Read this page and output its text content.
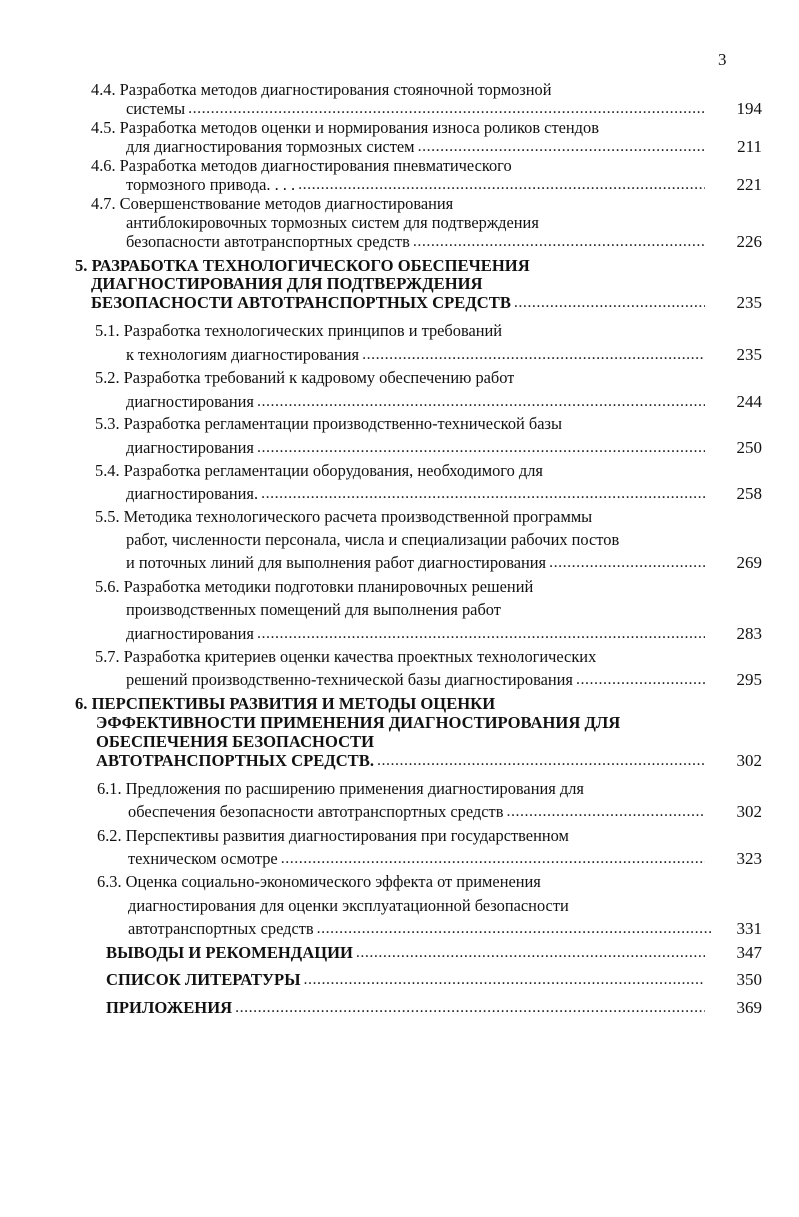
3
4.4. Разработка методов диагностирования стояночной тормозной
системы .....	194
4.5. Разработка методов оценки и нормирования износа роликов стендов
для диагностирования тормозных систем .....	211
4.6. Разработка методов диагностирования пневматического
тормозного привода. . . . .....	221
4.7. Совершенствование методов диагностирования
антиблокировочных тормозных систем для подтверждения
безопасности автотранспортных средств .....	226
5. РАЗРАБОТКА ТЕХНОЛОГИЧЕСКОГО ОБЕСПЕЧЕНИЯ
ДИАГНОСТИРОВАНИЯ ДЛЯ ПОДТВЕРЖДЕНИЯ
БЕЗОПАСНОСТИ АВТОТРАНСПОРТНЫХ СРЕДСТВ .....	235
5.1. Разработка технологических принципов и требований
к технологиям диагностирования .....	235
5.2. Разработка требований к кадровому обеспечению работ
диагностирования .....	244
5.3. Разработка регламентации производственно-технической базы
диагностирования .....	250
5.4. Разработка регламентации оборудования, необходимого для
диагностирования. .....	258
5.5. Методика технологического расчета производственной программы
работ, численности персонала, числа и специализации рабочих постов
и поточных линий для выполнения работ диагностирования .....	269
5.6. Разработка методики подготовки планировочных решений
производственных помещений для выполнения работ
диагностирования .....	283
5.7. Разработка критериев оценки качества проектных технологических
решений производственно-технической базы диагностирования .....	295
6. ПЕРСПЕКТИВЫ РАЗВИТИЯ И МЕТОДЫ ОЦЕНКИ
ЭФФЕКТИВНОСТИ ПРИМЕНЕНИЯ ДИАГНОСТИРОВАНИЯ ДЛЯ
ОБЕСПЕЧЕНИЯ БЕЗОПАСНОСТИ
АВТОТРАНСПОРТНЫХ СРЕДСТВ. .....	302
6.1. Предложения по расширению применения диагностирования для
обеспечения безопасности автотранспортных средств .....	302
6.2. Перспективы развития диагностирования при государственном
техническом осмотре .....	323
6.3. Оценка социально-экономического эффекта от применения
диагностирования для оценки эксплуатационной безопасности
автотранспортных средств .....	331
ВЫВОДЫ И РЕКОМЕНДАЦИИ .....	347
СПИСОК ЛИТЕРАТУРЫ .....	350
ПРИЛОЖЕНИЯ .....	369
